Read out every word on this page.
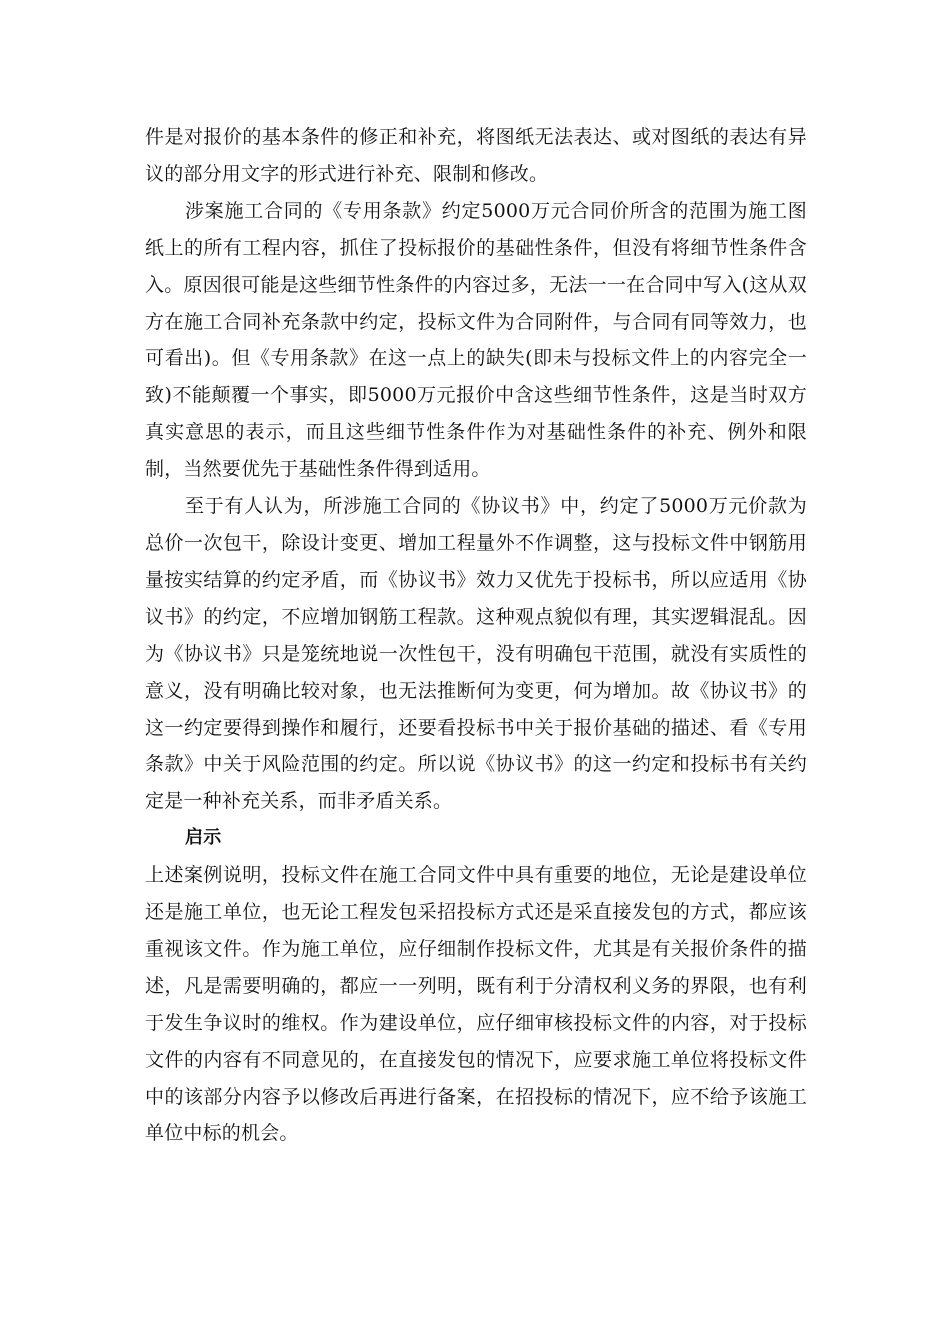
件是对报价的基本条件的修正和补充，将图纸无法表达、或对图纸的表达有异议的部分用文字的形式进行补充、限制和修改。

涉案施工合同的《专用条款》约定5000万元合同价所含的范围为施工图纸上的所有工程内容，抓住了投标报价的基础性条件，但没有将细节性条件含入。原因很可能是这些细节性条件的内容过多，无法一一在合同中写入(这从双方在施工合同补充条款中约定，投标文件为合同附件，与合同有同等效力，也可看出)。但《专用条款》在这一点上的缺失(即未与投标文件上的内容完全一致)不能颠覆一个事实，即5000万元报价中含这些细节性条件，这是当时双方真实意思的表示，而且这些细节性条件作为对基础性条件的补充、例外和限制，当然要优先于基础性条件得到适用。

至于有人认为，所涉施工合同的《协议书》中，约定了5000万元价款为总价一次包干，除设计变更、增加工程量外不作调整，这与投标文件中钢筋用量按实结算的约定矛盾，而《协议书》效力又优先于投标书，所以应适用《协议书》的约定，不应增加钢筋工程款。这种观点貌似有理，其实逻辑混乱。因为《协议书》只是笼统地说一次性包干，没有明确包干范围，就没有实质性的意义，没有明确比较对象，也无法推断何为变更，何为增加。故《协议书》的这一约定要得到操作和履行，还要看投标书中关于报价基础的描述、看《专用条款》中关于风险范围的约定。所以说《协议书》的这一约定和投标书有关约定是一种补充关系，而非矛盾关系。

启示

上述案例说明，投标文件在施工合同文件中具有重要的地位，无论是建设单位还是施工单位，也无论工程发包采招投标方式还是采直接发包的方式，都应该重视该文件。作为施工单位，应仔细制作投标文件，尤其是有关报价条件的描述，凡是需要明确的，都应一一列明，既有利于分清权利义务的界限，也有利于发生争议时的维权。作为建设单位，应仔细审核投标文件的内容，对于投标文件的内容有不同意见的，在直接发包的情况下，应要求施工单位将投标文件中的该部分内容予以修改后再进行备案，在招投标的情况下，应不给予该施工单位中标的机会。
